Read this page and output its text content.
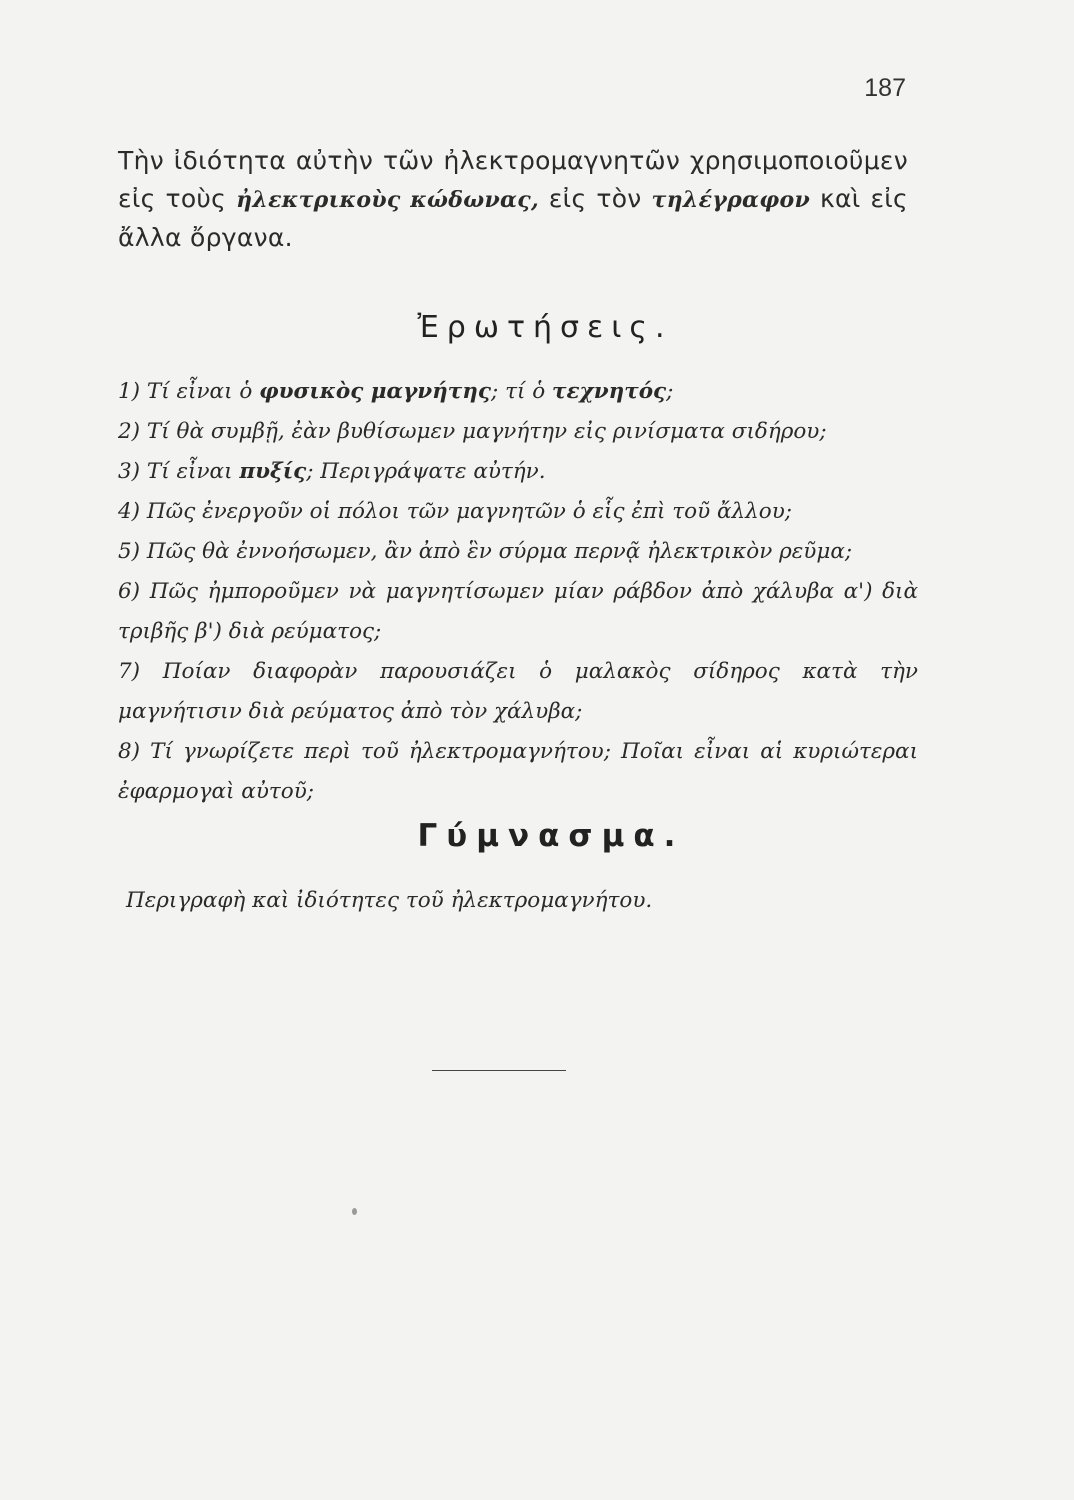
187
Τὴν ἰδιότητα αὐτὴν τῶν ἠλεκτρομαγνητῶν χρησιμοποιοῦμεν εἰς τοὺς ἠλεκτρικοὺς κώδωνας, εἰς τὸν τηλέγραφον καὶ εἰς ἄλλα ὄργανα.
Ἐρωτήσεις.
1) Τί εἶναι ὁ φυσικὸς μαγνήτης; τί ὁ τεχνητός;
2) Τί θὰ συμβῇ, ἐὰν βυθίσωμεν μαγνήτην εἰς ρινίσματα σιδήρου;
3) Τί εἶναι πυξίς; Περιγράψατε αὐτήν.
4) Πῶς ἐνεργοῦν οἱ πόλοι τῶν μαγνητῶν ὁ εἷς ἐπὶ τοῦ ἄλλου;
5) Πῶς θὰ ἐννοήσωμεν, ἂν ἀπὸ ἓν σύρμα περνᾷ ἠλεκτρικὸν ρεῦμα;
6) Πῶς ἠμποροῦμεν νὰ μαγνητίσωμεν μίαν ράβδον ἀπὸ χάλυβα α') διὰ τριβῆς β') διὰ ρεύματος;
7) Ποίαν διαφορὰν παρουσιάζει ὁ μαλακὸς σίδηρος κατὰ τὴν μαγνήτισιν διὰ ρεύματος ἀπὸ τὸν χάλυβα;
8) Τί γνωρίζετε περὶ τοῦ ἠλεκτρομαγνήτου; Ποῖαι εἶναι αἱ κυριώτεραι ἐφαρμογαὶ αὐτοῦ;
Γύμνασμα.
Περιγραφὴ καὶ ἰδιότητες τοῦ ἠλεκτρομαγνήτου.
